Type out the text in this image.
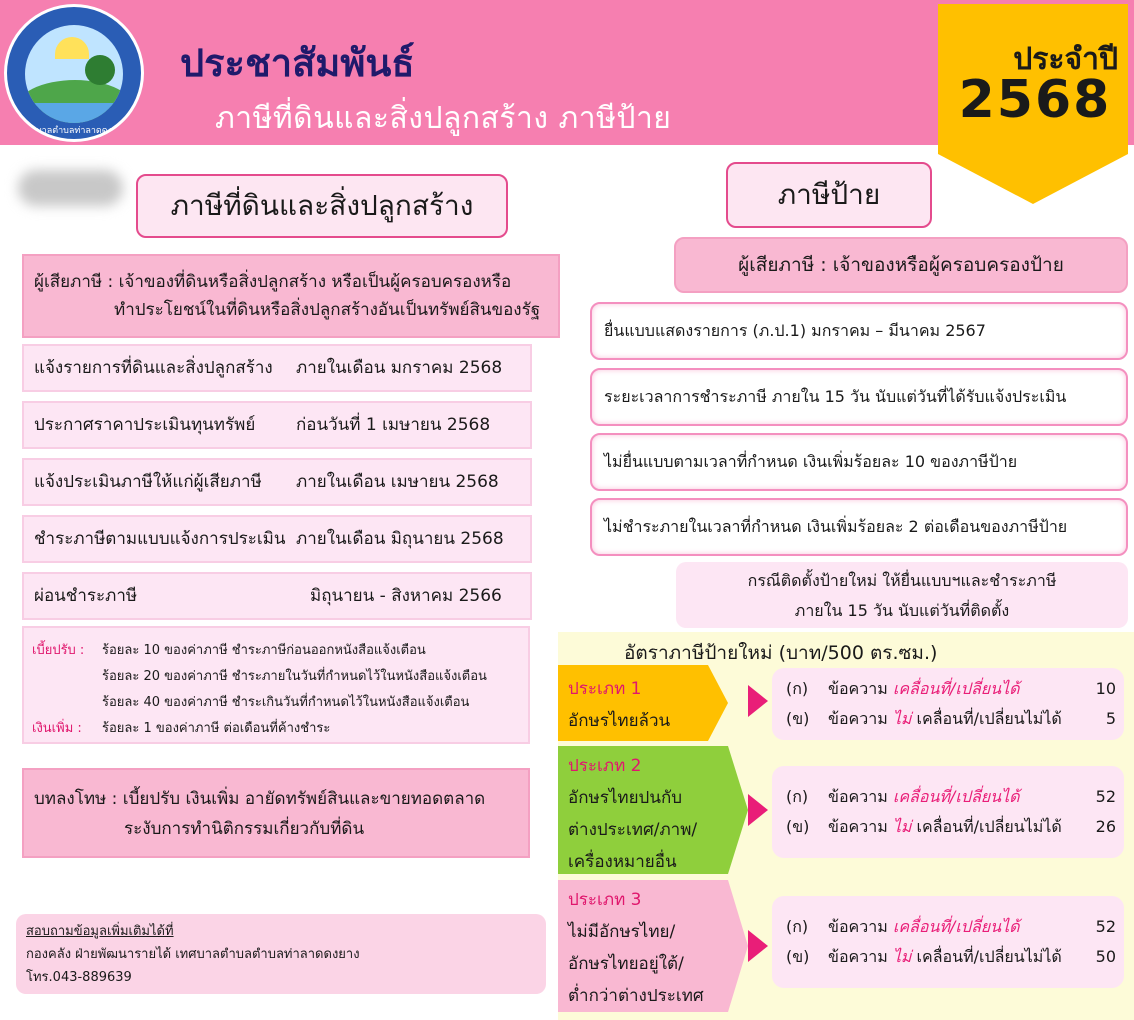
เทศบาลตำบลท่าลาดดงยาง
ประชาสัมพันธ์
ภาษีที่ดินและสิ่งปลูกสร้าง ภาษีป้าย
ประจำปี
2568
ภาษีที่ดินและสิ่งปลูกสร้าง
ผู้เสียภาษี : เจ้าของที่ดินหรือสิ่งปลูกสร้าง หรือเป็นผู้ครอบครองหรือ
ทำประโยชน์ในที่ดินหรือสิ่งปลูกสร้างอันเป็นทรัพย์สินของรัฐ
แจ้งรายการที่ดินและสิ่งปลูกสร้าง ภายในเดือน มกราคม 2568
ประกาศราคาประเมินทุนทรัพย์ ก่อนวันที่ 1 เมษายน 2568
แจ้งประเมินภาษีให้แก่ผู้เสียภาษี ภายในเดือน เมษายน 2568
ชำระภาษีตามแบบแจ้งการประเมิน ภายในเดือน มิถุนายน 2568
ผ่อนชำระภาษี	มิถุนายน - สิงหาคม 2566
เบี้ยปรับ :	ร้อยละ 10 ของค่าภาษี ชำระภาษีก่อนออกหนังสือแจ้งเตือน
ร้อยละ 20 ของค่าภาษี ชำระภายในวันที่กำหนดไว้ในหนังสือแจ้งเตือน
ร้อยละ 40 ของค่าภาษี ชำระเกินวันที่กำหนดไว้ในหนังสือแจ้งเตือน
เงินเพิ่ม :	ร้อยละ 1 ของค่าภาษี ต่อเดือนที่ค้างชำระ
บทลงโทษ : เบี้ยปรับ เงินเพิ่ม อายัดทรัพย์สินและขายทอดตลาด
ระงับการทำนิติกรรมเกี่ยวกับที่ดิน
สอบถามข้อมูลเพิ่มเติมได้ที่
กองคลัง ฝ่ายพัฒนารายได้ เทศบาลตำบลตำบลท่าลาดดงยาง
โทร.043-889639
ภาษีป้าย
ผู้เสียภาษี : เจ้าของหรือผู้ครอบครองป้าย
ยื่นแบบแสดงรายการ (ภ.ป.1) มกราคม – มีนาคม 2567
ระยะเวลาการชำระภาษี ภายใน 15 วัน นับแต่วันที่ได้รับแจ้งประเมิน
ไม่ยื่นแบบตามเวลาที่กำหนด เงินเพิ่มร้อยละ 10 ของภาษีป้าย
ไม่ชำระภายในเวลาที่กำหนด เงินเพิ่มร้อยละ 2 ต่อเดือนของภาษีป้าย
กรณีติดตั้งป้ายใหม่ ให้ยื่นแบบฯและชำระภาษี
ภายใน 15 วัน นับแต่วันที่ติดตั้ง
อัตราภาษีป้ายใหม่ (บาท/500 ตร.ซม.)
ประเภท 1
อักษรไทยล้วน
(ก)	ข้อความ เคลื่อนที่/เปลี่ยนได้	10
(ข)	ข้อความ ไม่ เคลื่อนที่/เปลี่ยนไม่ได้	5
ประเภท 2
อักษรไทยปนกับ
ต่างประเทศ/ภาพ/
เครื่องหมายอื่น
(ก)	ข้อความ เคลื่อนที่/เปลี่ยนได้	52
(ข)	ข้อความ ไม่ เคลื่อนที่/เปลี่ยนไม่ได้	26
ประเภท 3
ไม่มีอักษรไทย/
อักษรไทยอยู่ใต้/
ต่ำกว่าต่างประเทศ
(ก)	ข้อความ เคลื่อนที่/เปลี่ยนได้	52
(ข)	ข้อความ ไม่ เคลื่อนที่/เปลี่ยนไม่ได้	50
